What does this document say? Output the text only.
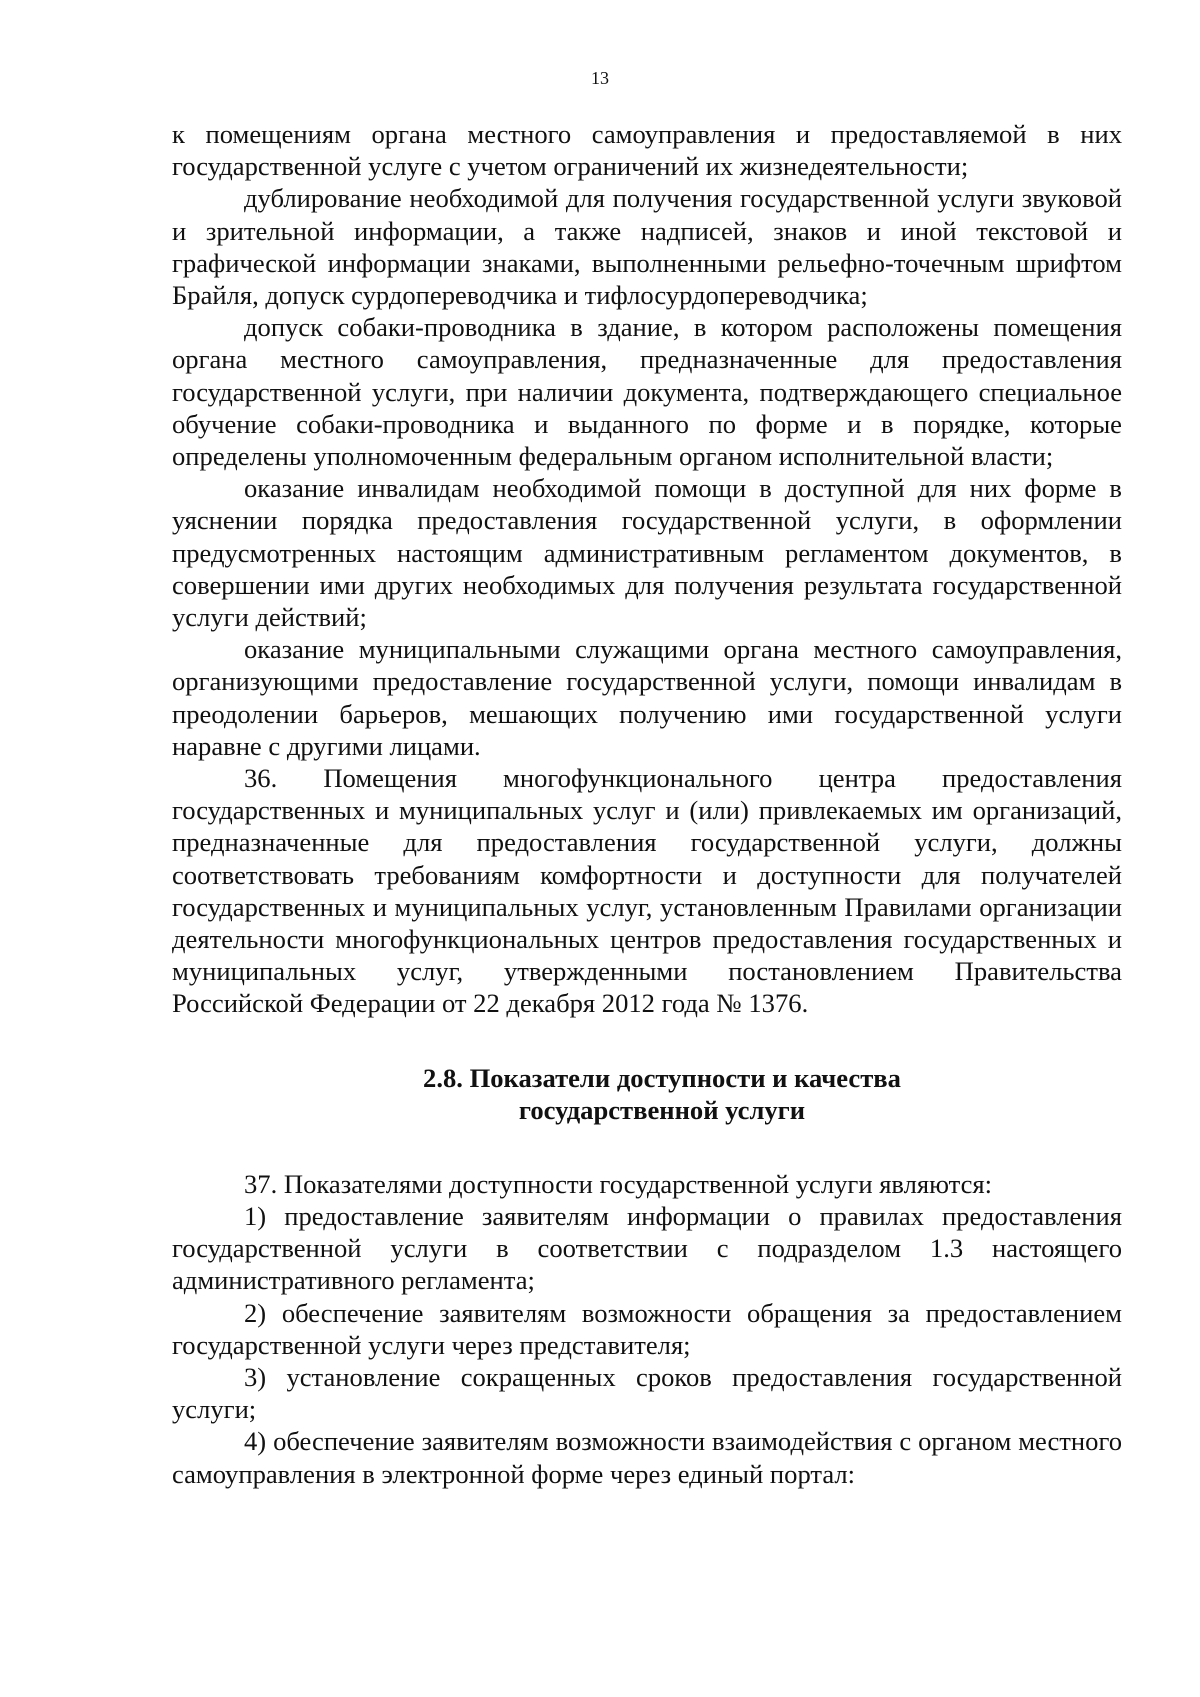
13

к помещениям органа местного самоуправления и предоставляемой в них государственной услуге с учетом ограничений их жизнедеятельности;

дублирование необходимой для получения государственной услуги звуковой и зрительной информации, а также надписей, знаков и иной текстовой и графической информации знаками, выполненными рельефно-точечным шрифтом Брайля, допуск сурдопереводчика и тифлосурдопереводчика;

допуск собаки-проводника в здание, в котором расположены помещения органа местного самоуправления, предназначенные для предоставления государственной услуги, при наличии документа, подтверждающего специальное обучение собаки-проводника и выданного по форме и в порядке, которые определены уполномоченным федеральным органом исполнительной власти;

оказание инвалидам необходимой помощи в доступной для них форме в уяснении порядка предоставления государственной услуги, в оформлении предусмотренных настоящим административным регламентом документов, в совершении ими других необходимых для получения результата государственной услуги действий;

оказание муниципальными служащими органа местного самоуправления, организующими предоставление государственной услуги, помощи инвалидам в преодолении барьеров, мешающих получению ими государственной услуги наравне с другими лицами.

36. Помещения многофункционального центра предоставления государственных и муниципальных услуг и (или) привлекаемых им организаций, предназначенные для предоставления государственной услуги, должны соответствовать требованиям комфортности и доступности для получателей государственных и муниципальных услуг, установленным Правилами организации деятельности многофункциональных центров предоставления государственных и муниципальных услуг, утвержденными постановлением Правительства Российской Федерации от 22 декабря 2012 года № 1376.

2.8. Показатели доступности и качества
государственной услуги

37. Показателями доступности государственной услуги являются:

1) предоставление заявителям информации о правилах предоставления государственной услуги в соответствии с подразделом 1.3 настоящего административного регламента;

2) обеспечение заявителям возможности обращения за предоставлением государственной услуги через представителя;

3) установление сокращенных сроков предоставления государственной услуги;

4) обеспечение заявителям возможности взаимодействия с органом местного самоуправления в электронной форме через единый портал:
